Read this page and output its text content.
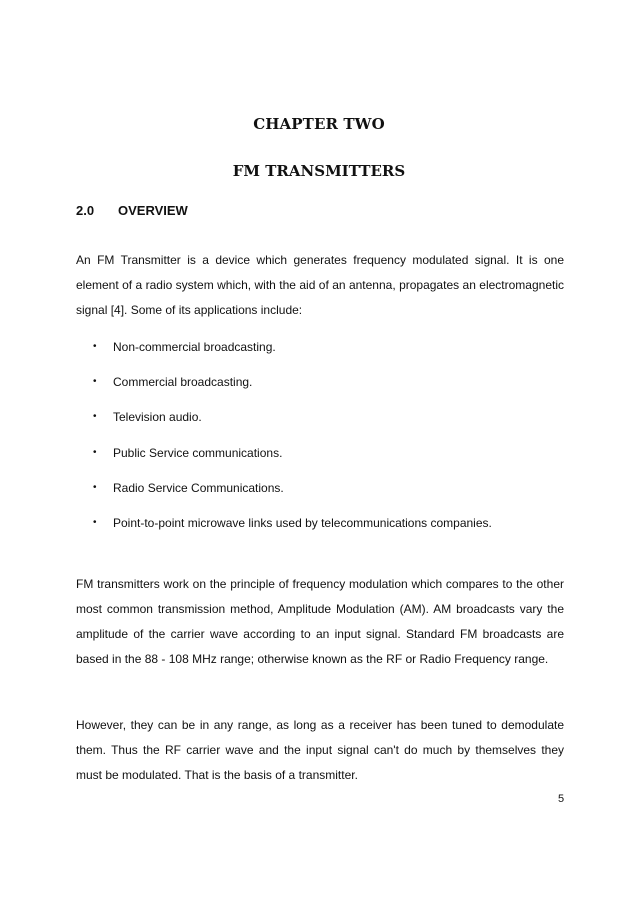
CHAPTER TWO
FM TRANSMITTERS
2.0 OVERVIEW

An FM Transmitter is a device which generates frequency modulated signal. It is one element of a radio system which, with the aid of an antenna, propagates an electromagnetic signal [4]. Some of its applications include:

• Non-commercial broadcasting.
• Commercial broadcasting.
• Television audio.
• Public Service communications.
• Radio Service Communications.
• Point-to-point microwave links used by telecommunications companies.

FM transmitters work on the principle of frequency modulation which compares to the other most common transmission method, Amplitude Modulation (AM). AM broadcasts vary the amplitude of the carrier wave according to an input signal. Standard FM broadcasts are based in the 88 - 108 MHz range; otherwise known as the RF or Radio Frequency range.

However, they can be in any range, as long as a receiver has been tuned to demodulate them. Thus the RF carrier wave and the input signal can't do much by themselves they must be modulated. That is the basis of a transmitter.

5
